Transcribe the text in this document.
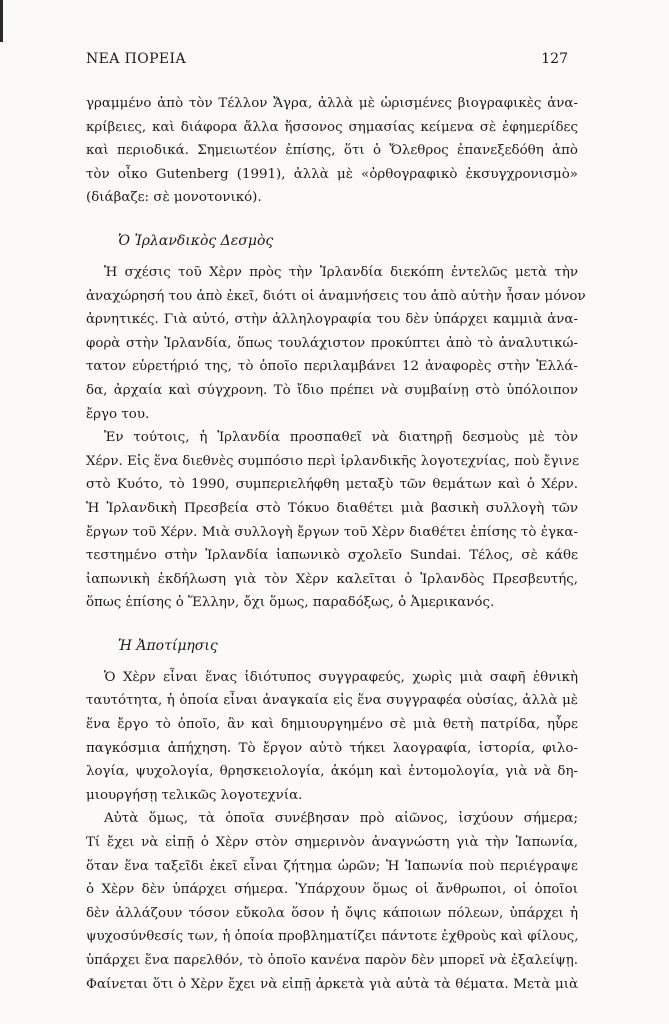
ΝΕΑ ΠΟΡΕΙΑ	127
γραμμένο ἀπὸ τὸν Τέλλον Ἄγρα, ἀλλὰ μὲ ὡρισμένες βιογραφικὲς ἀνα-
κρίβειες, καὶ διάφορα ἄλλα ἥσσονος σημασίας κείμενα σὲ ἐφημερίδες
καὶ περιοδικά. Σημειωτέον ἐπίσης, ὅτι ὁ Ὄλεθρος ἐπανεξεδόθη ἀπὸ
τὸν οἶκο Gutenberg (1991), ἀλλὰ μὲ «ὀρθογραφικὸ ἐκσυγχρονισμὸ»
(διάβαζε: σὲ μονοτονικό).
Ὁ Ἰρλανδικὸς Δεσμὸς
Ἡ σχέσις τοῦ Χὲρν πρὸς τὴν Ἰρλανδία διεκόπη ἐντελῶς μετὰ τὴν
ἀναχώρησή του ἀπὸ ἐκεῖ, διότι οἱ ἀναμνήσεις του ἀπὸ αὐτὴν ἦσαν μόνον
ἀρνητικές. Γιὰ αὐτό, στὴν ἀλληλογραφία του δὲν ὑπάρχει καμμιὰ ἀνα-
φορὰ στὴν Ἰρλανδία, ὅπως τουλάχιστον προκύπτει ἀπὸ τὸ ἀναλυτικώ-
τατον εὑρετήριό της, τὸ ὁποῖο περιλαμβάνει 12 ἀναφορὲς στὴν Ἑλλά-
δα, ἀρχαία καὶ σύγχρονη. Τὸ ἴδιο πρέπει νὰ συμβαίνῃ στὸ ὑπόλοιπον
ἔργο του.
Ἐν τούτοις, ἡ Ἰρλανδία προσπαθεῖ νὰ διατηρῇ δεσμοὺς μὲ τὸν
Χέρν. Εἰς ἕνα διεθνὲς συμπόσιο περὶ ἰρλανδικῆς λογοτεχνίας, ποὺ ἔγινε
στὸ Κυότο, τὸ 1990, συμπεριελήφθη μεταξὺ τῶν θεμάτων καὶ ὁ Χέρν.
Ἡ Ἰρλανδικὴ Πρεσβεία στὸ Τόκυο διαθέτει μιὰ βασικὴ συλλογὴ τῶν
ἔργων τοῦ Χέρν. Μιὰ συλλογὴ ἔργων τοῦ Χὲρν διαθέτει ἐπίσης τὸ ἐγκα-
τεστημένο στὴν Ἰρλανδία ἰαπωνικὸ σχολεῖο Sundai. Τέλος, σὲ κάθε
ἰαπωνικὴ ἐκδήλωση γιὰ τὸν Χὲρν καλεῖται ὁ Ἰρλανδὸς Πρεσβευτής,
ὅπως ἐπίσης ὁ Ἕλλην, ὄχι ὅμως, παραδόξως, ὁ Ἀμερικανός.
Ἡ Ἀποτίμησις
Ὁ Χὲρν εἶναι ἕνας ἰδιότυπος συγγραφεύς, χωρὶς μιὰ σαφῆ ἐθνικὴ
ταυτότητα, ἡ ὁποία εἶναι ἀναγκαία εἰς ἕνα συγγραφέα οὐσίας, ἀλλὰ μὲ
ἕνα ἔργο τὸ ὁποῖο, ἂν καὶ δημιουργημένο σὲ μιὰ θετὴ πατρίδα, ηὗρε
παγκόσμια ἀπήχηση. Τὸ ἔργον αὐτὸ τήκει λαογραφία, ἱστορία, φιλο-
λογία, ψυχολογία, θρησκειολογία, ἀκόμη καὶ ἐντομολογία, γιὰ νὰ δη-
μιουργήσῃ τελικῶς λογοτεχνία.
Αὐτὰ ὅμως, τὰ ὁποῖα συνέβησαν πρὸ αἰῶνος, ἰσχύουν σήμερα;
Τί ἔχει νὰ εἰπῇ ὁ Χὲρν στὸν σημερινὸν ἀναγνώστη γιὰ τὴν Ἰαπωνία,
ὅταν ἕνα ταξεῖδι ἐκεῖ εἶναι ζήτημα ὡρῶν; Ἡ Ἰαπωνία ποὺ περιέγραψε
ὁ Χὲρν δὲν ὑπάρχει σήμερα. Ὑπάρχουν ὅμως οἱ ἄνθρωποι, οἱ ὁποῖοι
δὲν ἀλλάζουν τόσον εὔκολα ὅσον ἡ ὄψις κάποιων πόλεων, ὑπάρχει ἡ
ψυχοσύνθεσίς των, ἡ ὁποία προβληματίζει πάντοτε ἐχθροὺς καὶ φίλους,
ὑπάρχει ἕνα παρελθόν, τὸ ὁποῖο κανένα παρὸν δὲν μπορεῖ νὰ ἐξαλείψῃ.
Φαίνεται ὅτι ὁ Χὲρν ἔχει νὰ εἰπῇ ἀρκετὰ γιὰ αὐτὰ τὰ θέματα. Μετὰ μιὰ
